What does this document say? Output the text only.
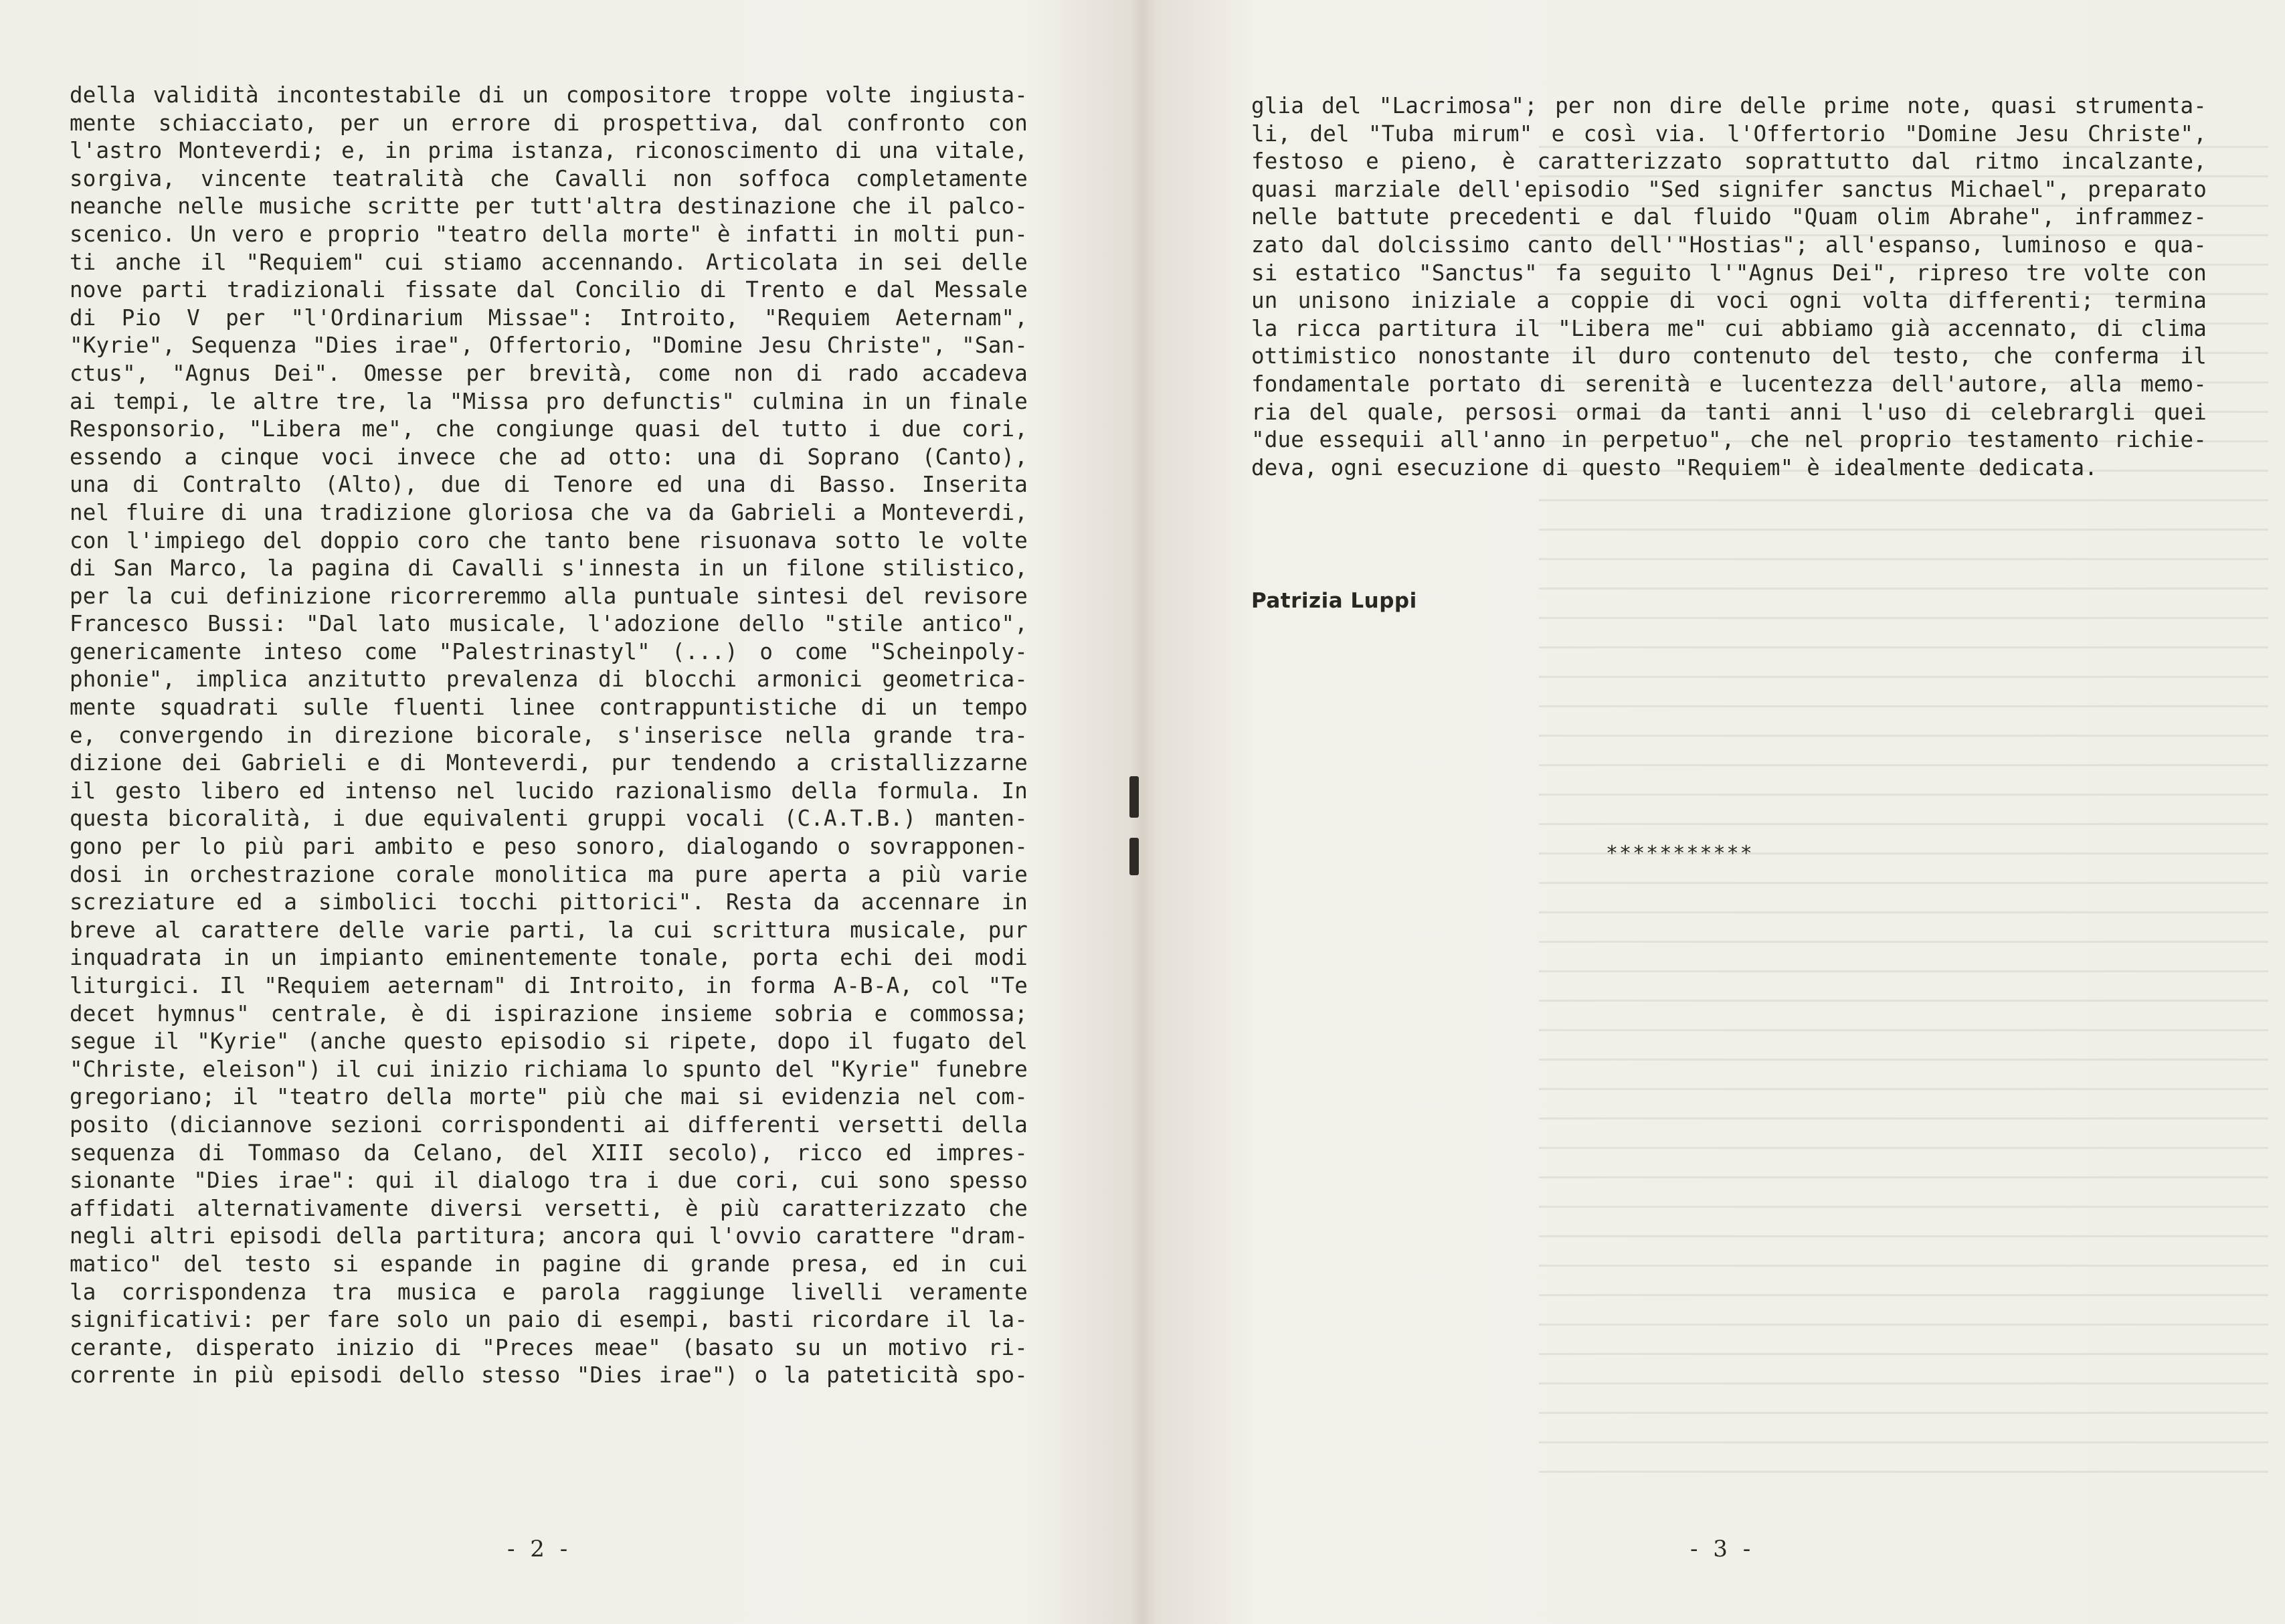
della validità incontestabile di un compositore troppe volte ingiusta-
mente schiacciato, per un errore di prospettiva, dal confronto con
l'astro Monteverdi; e, in prima istanza, riconoscimento di una vitale,
sorgiva, vincente teatralità che Cavalli non soffoca completamente
neanche nelle musiche scritte per tutt'altra destinazione che il palco-
scenico. Un vero e proprio "teatro della morte" è infatti in molti pun-
ti anche il "Requiem" cui stiamo accennando. Articolata in sei delle
nove parti tradizionali fissate dal Concilio di Trento e dal Messale
di Pio V per "l'Ordinarium Missae": Introito, "Requiem Aeternam",
"Kyrie", Sequenza "Dies irae", Offertorio, "Domine Jesu Christe", "San-
ctus", "Agnus Dei". Omesse per brevità, come non di rado accadeva
ai tempi, le altre tre, la "Missa pro defunctis" culmina in un finale
Responsorio, "Libera me", che congiunge quasi del tutto i due cori,
essendo a cinque voci invece che ad otto: una di Soprano (Canto),
una di Contralto (Alto), due di Tenore ed una di Basso. Inserita
nel fluire di una tradizione gloriosa che va da Gabrieli a Monteverdi,
con l'impiego del doppio coro che tanto bene risuonava sotto le volte
di San Marco, la pagina di Cavalli s'innesta in un filone stilistico,
per la cui definizione ricorreremmo alla puntuale sintesi del revisore
Francesco Bussi: "Dal lato musicale, l'adozione dello "stile antico",
genericamente inteso come "Palestrinastyl" (...) o come "Scheinpoly-
phonie", implica anzitutto prevalenza di blocchi armonici geometrica-
mente squadrati sulle fluenti linee contrappuntistiche di un tempo
e, convergendo in direzione bicorale, s'inserisce nella grande tra-
dizione dei Gabrieli e di Monteverdi, pur tendendo a cristallizzarne
il gesto libero ed intenso nel lucido razionalismo della formula. In
questa bicoralità, i due equivalenti gruppi vocali (C.A.T.B.) manten-
gono per lo più pari ambito e peso sonoro, dialogando o sovrapponen-
dosi in orchestrazione corale monolitica ma pure aperta a più varie
screziature ed a simbolici tocchi pittorici". Resta da accennare in
breve al carattere delle varie parti, la cui scrittura musicale, pur
inquadrata in un impianto eminentemente tonale, porta echi dei modi
liturgici. Il "Requiem aeternam" di Introito, in forma A-B-A, col "Te
decet hymnus" centrale, è di ispirazione insieme sobria e commossa;
segue il "Kyrie" (anche questo episodio si ripete, dopo il fugato del
"Christe, eleison") il cui inizio richiama lo spunto del "Kyrie" funebre
gregoriano; il "teatro della morte" più che mai si evidenzia nel com-
posito (diciannove sezioni corrispondenti ai differenti versetti della
sequenza di Tommaso da Celano, del XIII secolo), ricco ed impres-
sionante "Dies irae": qui il dialogo tra i due cori, cui sono spesso
affidati alternativamente diversi versetti, è più caratterizzato che
negli altri episodi della partitura; ancora qui l'ovvio carattere "dram-
matico" del testo si espande in pagine di grande presa, ed in cui
la corrispondenza tra musica e parola raggiunge livelli veramente
significativi: per fare solo un paio di esempi, basti ricordare il la-
cerante, disperato inizio di "Preces meae" (basato su un motivo ri-
corrente in più episodi dello stesso "Dies irae") o la pateticità spo-
glia del "Lacrimosa"; per non dire delle prime note, quasi strumenta-
li, del "Tuba mirum" e così via. l'Offertorio "Domine Jesu Christe",
festoso e pieno, è caratterizzato soprattutto dal ritmo incalzante,
quasi marziale dell'episodio "Sed signifer sanctus Michael", preparato
nelle battute precedenti e dal fluido "Quam olim Abrahe", inframmez-
zato dal dolcissimo canto dell'"Hostias"; all'espanso, luminoso e qua-
si estatico "Sanctus" fa seguito l'"Agnus Dei", ripreso tre volte con
un unisono iniziale a coppie di voci ogni volta differenti; termina
la ricca partitura il "Libera me" cui abbiamo già accennato, di clima
ottimistico nonostante il duro contenuto del testo, che conferma il
fondamentale portato di serenità e lucentezza dell'autore, alla memo-
ria del quale, persosi ormai da tanti anni l'uso di celebrargli quei
"due essequii all'anno in perpetuo", che nel proprio testamento richie-
deva, ogni esecuzione di questo "Requiem" è idealmente dedicata.
Patrizia Luppi
***********
- 2 -	- 3 -
